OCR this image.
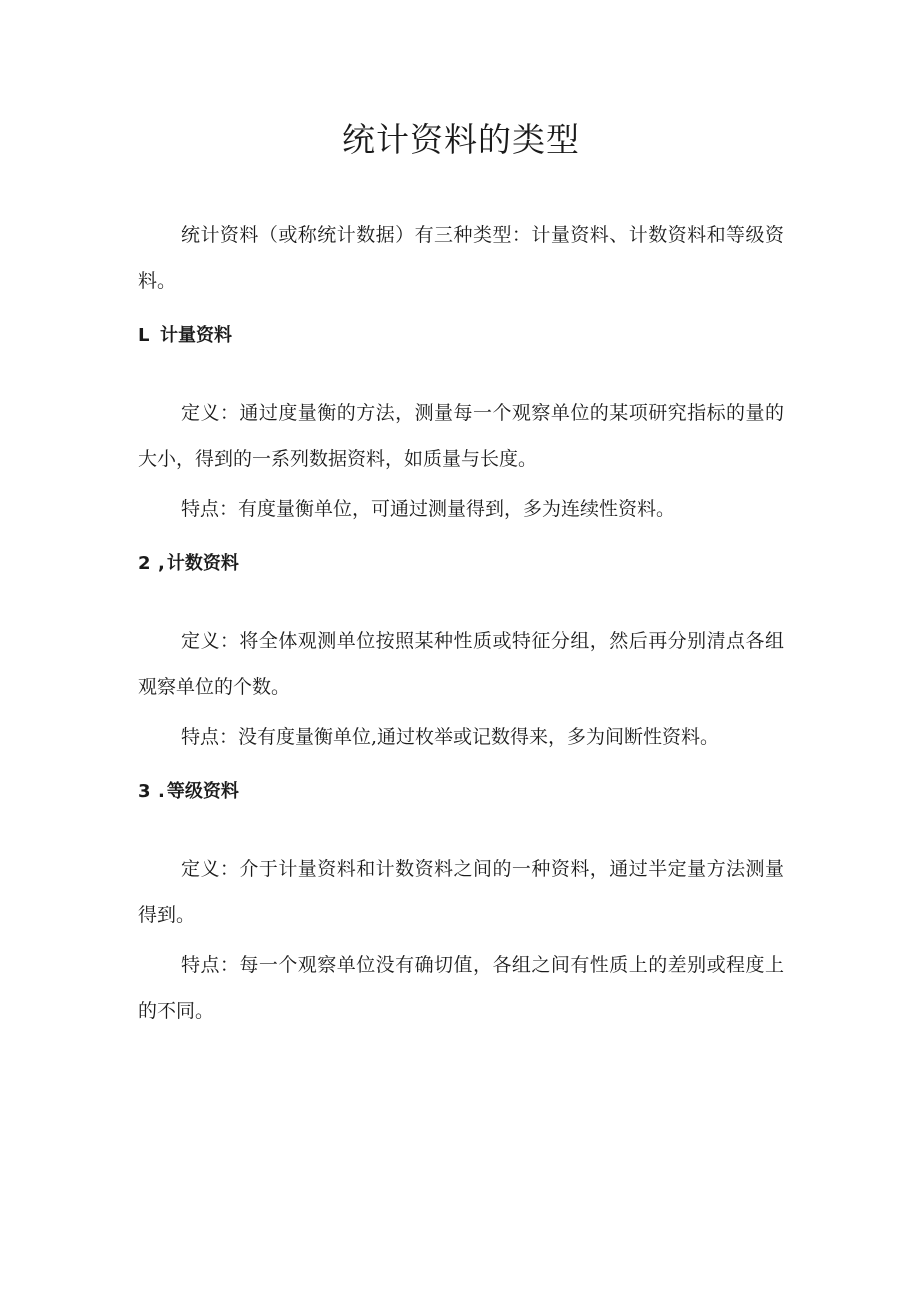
统计资料的类型

统计资料（或称统计数据）有三种类型：计量资料、计数资料和等级资料。

L 计量资料

定义：通过度量衡的方法，测量每一个观察单位的某项研究指标的量的大小，得到的一系列数据资料，如质量与长度。

特点：有度量衡单位，可通过测量得到，多为连续性资料。

2, 计数资料

定义：将全体观测单位按照某种性质或特征分组，然后再分别清点各组观察单位的个数。

特点：没有度量衡单位,通过枚举或记数得来，多为间断性资料。

3. 等级资料

定义：介于计量资料和计数资料之间的一种资料，通过半定量方法测量得到。

特点：每一个观察单位没有确切值，各组之间有性质上的差别或程度上的不同。
